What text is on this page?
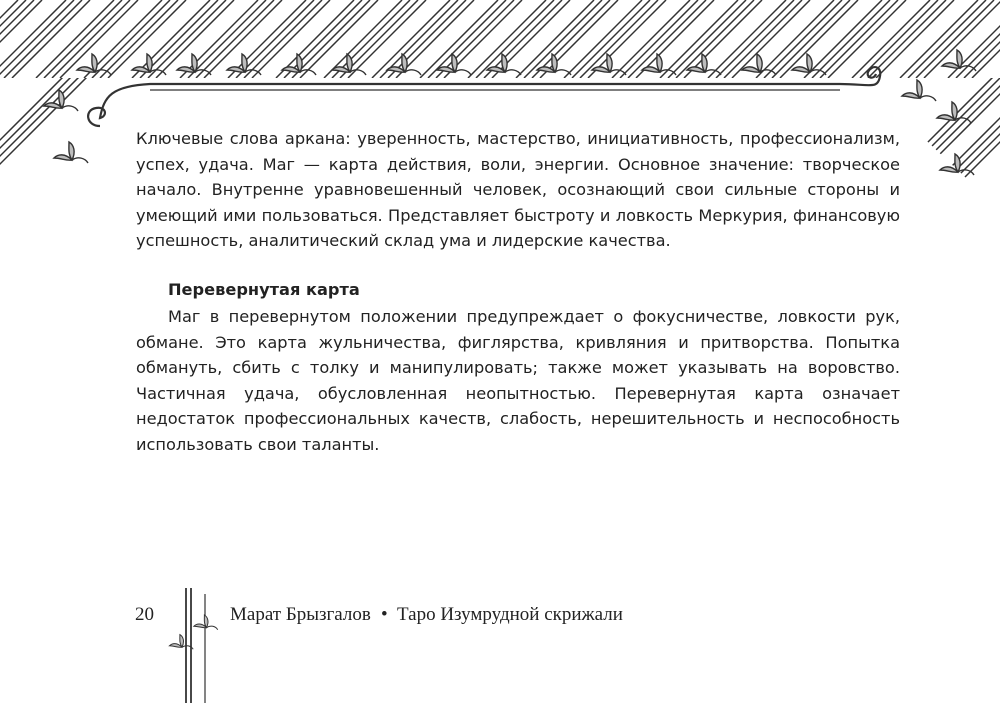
Ключевые слова аркана: уверенность, мастерство, инициативность, профессионализм, успех, удача. Маг — карта действия, воли, энергии. Основное значение: творческое начало. Внутренне уравновешенный человек, осознающий свои сильные стороны и умеющий ими пользоваться. Представляет быстроту и ловкость Меркурия, финансовую успешность, аналитический склад ума и лидерские качества.

Перевернутая карта

Маг в перевернутом положении предупреждает о фокусничестве, ловкости рук, обмане. Это карта жульничества, фиглярства, кривляния и притворства. Попытка обмануть, сбить с толку и манипулировать; также может указывать на воровство. Частичная удача, обусловленная неопытностью. Перевернутая карта означает недостаток профессиональных качеств, слабость, нерешительность и неспособность использовать свои таланты.

20	Марат Брызгалов • Таро Изумрудной скрижали
